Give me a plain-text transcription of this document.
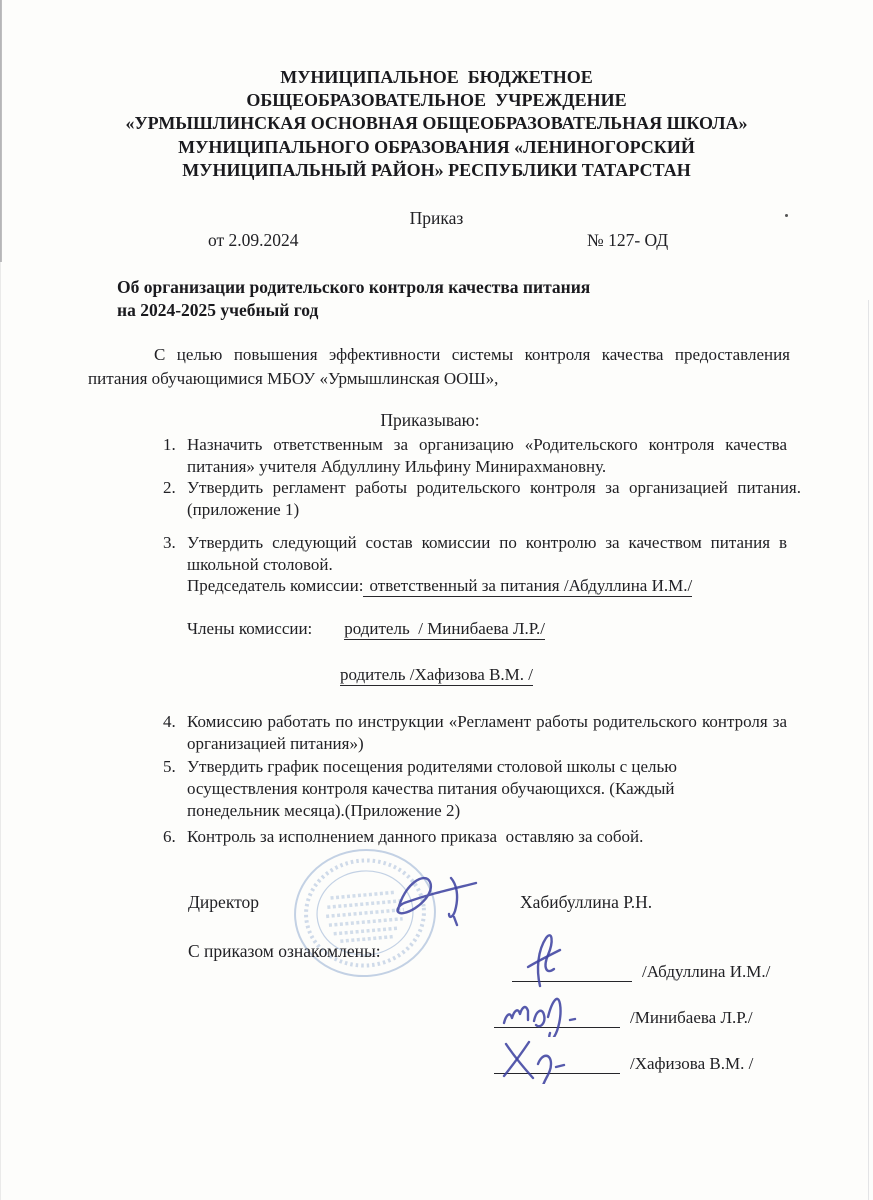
МУНИЦИПАЛЬНОЕ  БЮДЖЕТНОЕ
ОБЩЕОБРАЗОВАТЕЛЬНОЕ  УЧРЕЖДЕНИЕ
«УРМЫШЛИНСКАЯ ОСНОВНАЯ ОБЩЕОБРАЗОВАТЕЛЬНАЯ ШКОЛА»
МУНИЦИПАЛЬНОГО ОБРАЗОВАНИЯ «ЛЕНИНОГОРСКИЙ
МУНИЦИПАЛЬНЫЙ РАЙОН» РЕСПУБЛИКИ ТАТАРСТАН
Приказ
от 2.09.2024	№ 127- ОД
Об организации родительского контроля качества питания
на 2024-2025 учебный год
С целью повышения эффективности системы контроля качества предоставления питания обучающимися МБОУ «Урмышлинская ООШ»,
Приказываю:
1. Назначить ответственным за организацию «Родительского контроля качества питания» учителя Абдуллину Ильфину Минирахмановну.
2. Утвердить регламент работы родительского контроля за организацией питания. (приложение 1)
3. Утвердить следующий состав комиссии по контролю за качеством питания в школьной столовой.
Председатель комиссии: ответственный за питания /Абдуллина И.М./
Члены комиссии: родитель  / Минибаева Л.Р./
родитель /Хафизова В.М. /
4. Комиссию работать по инструкции «Регламент работы родительского контроля за организацией питания»)
5. Утвердить график посещения родителями столовой школы с целью осуществления контроля качества питания обучающихся. (Каждый понедельник месяца).(Приложение 2)
6. Контроль за исполнением данного приказа  оставляю за собой.
Директор	Хабибуллина Р.Н.
С приказом ознакомлены:
/Абдуллина И.М./
/Минибаева Л.Р./
/Хафизова В.М. /
